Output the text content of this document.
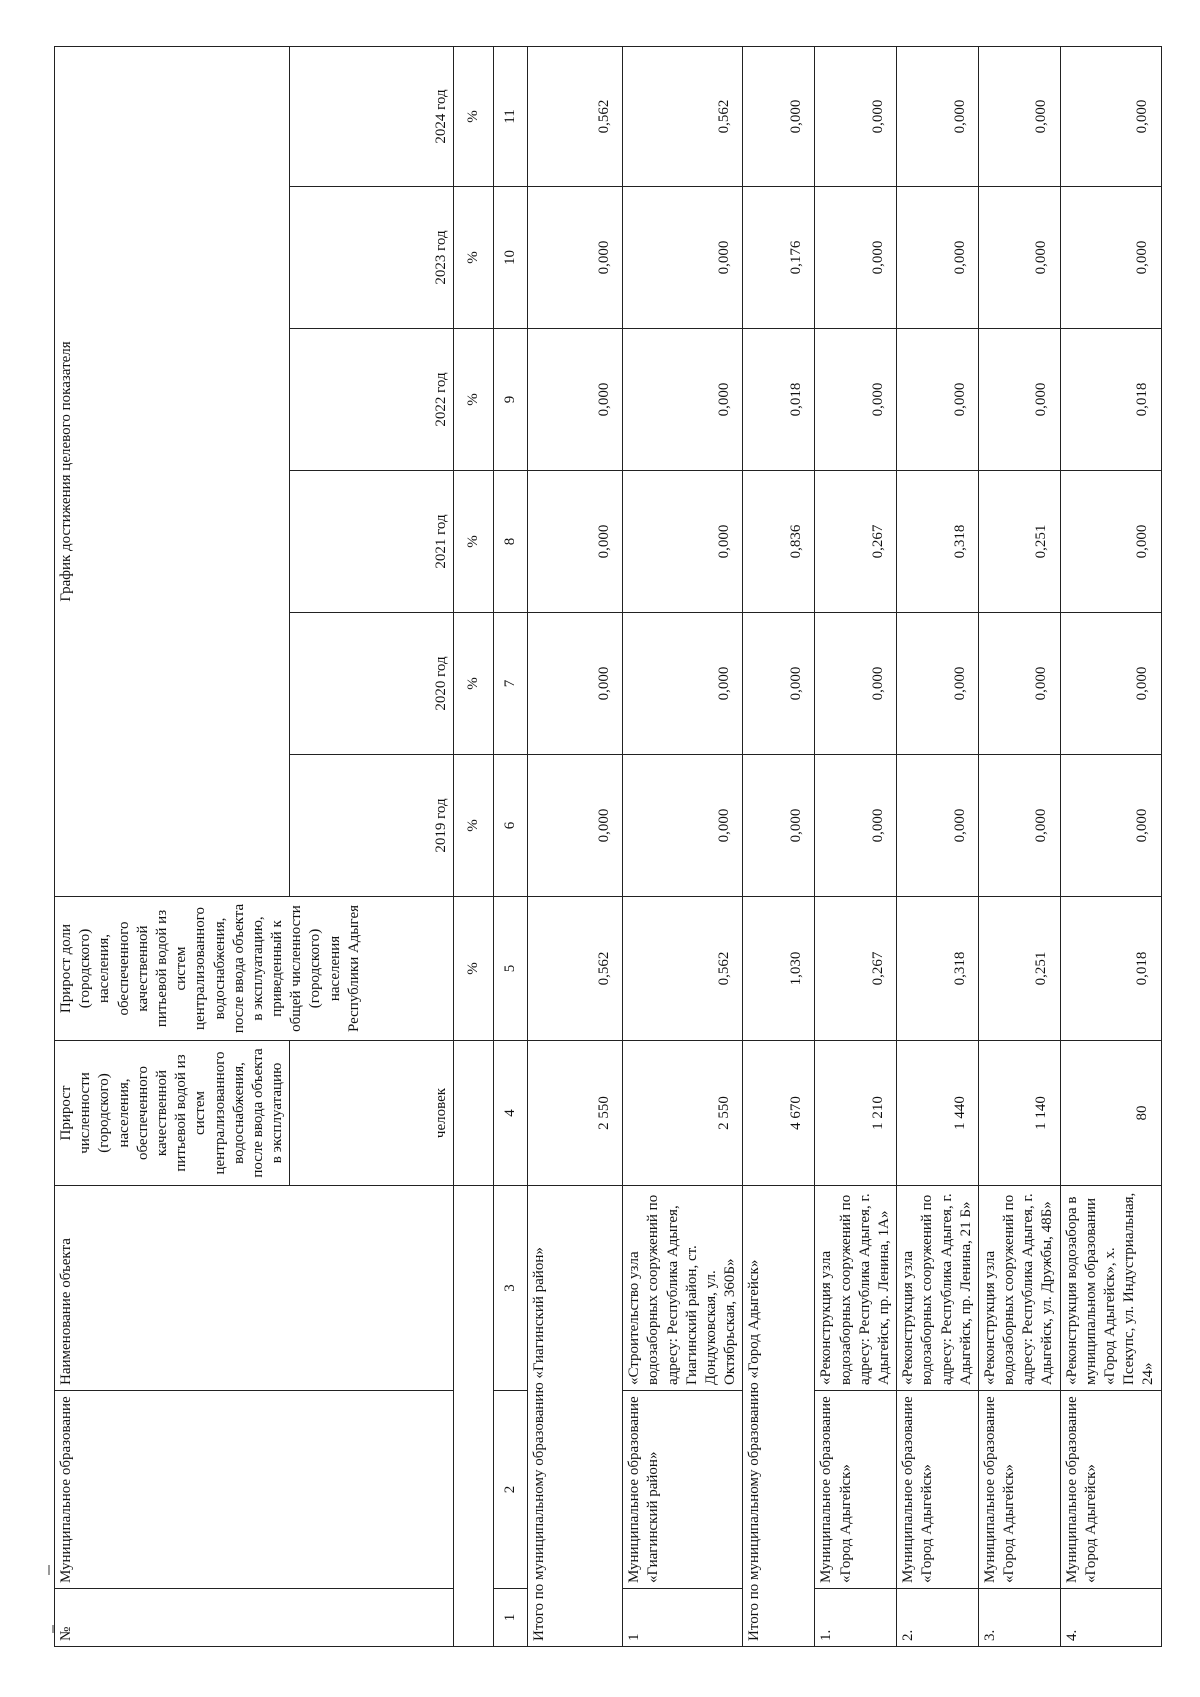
№	Муниципальное образование	Наименование объекта	Прирост численности (городского) населения, обеспеченного качественной питьевой водой из систем централизованного водоснабжения, после ввода объекта в эксплуатацию	Прирост доли (городского) населения, обеспеченного качественной питьевой водой из систем централизованного водоснабжения, после ввода объекта в эксплуатацию, приведенный к общей численности (городского) населения Республики Адыгея	График достижения целевого показателя					
			человек		2019 год	2020 год	2021 год	2022 год	2023 год	2024 год
				%	%	%	%	%	%	%
1	2	3	4	5	6	7	8	9	10	11
Итого по муниципальному образованию «Гиагинский район»			2 550	0,562	0,000	0,000	0,000	0,000	0,000	0,562
1	Муниципальное образование «Гиагинский район»	«Строительство узла водозаборных сооружений по адресу: Республика Адыгея, Гиагинский район, ст. Дондуковская, ул. Октябрьская, 360Б»	2 550	0,562	0,000	0,000	0,000	0,000	0,000	0,562
Итого по муниципальному образованию «Город Адыгейск»			4 670	1,030	0,000	0,000	0,836	0,018	0,176	0,000
1.	Муниципальное образование «Город Адыгейск»	«Реконструкция узла водозаборных сооружений по адресу: Республика Адыгея, г. Адыгейск, пр. Ленина, 1А»	1 210	0,267	0,000	0,000	0,267	0,000	0,000	0,000
2.	Муниципальное образование «Город Адыгейск»	«Реконструкция узла водозаборных сооружений по адресу: Республика Адыгея, г. Адыгейск, пр. Ленина, 21 Б»	1 440	0,318	0,000	0,000	0,318	0,000	0,000	0,000
3.	Муниципальное образование «Город Адыгейск»	«Реконструкция узла водозаборных сооружений по адресу: Республика Адыгея, г. Адыгейск, ул. Дружбы, 48Б»	1 140	0,251	0,000	0,000	0,251	0,000	0,000	0,000
4.	Муниципальное образование «Город Адыгейск»	«Реконструкция водозабора в муниципальном образовании «Город Адыгейск», х. Псекупс, ул. Индустриальная, 24»	80	0,018	0,000	0,000	0,000	0,018	0,000	0,000
